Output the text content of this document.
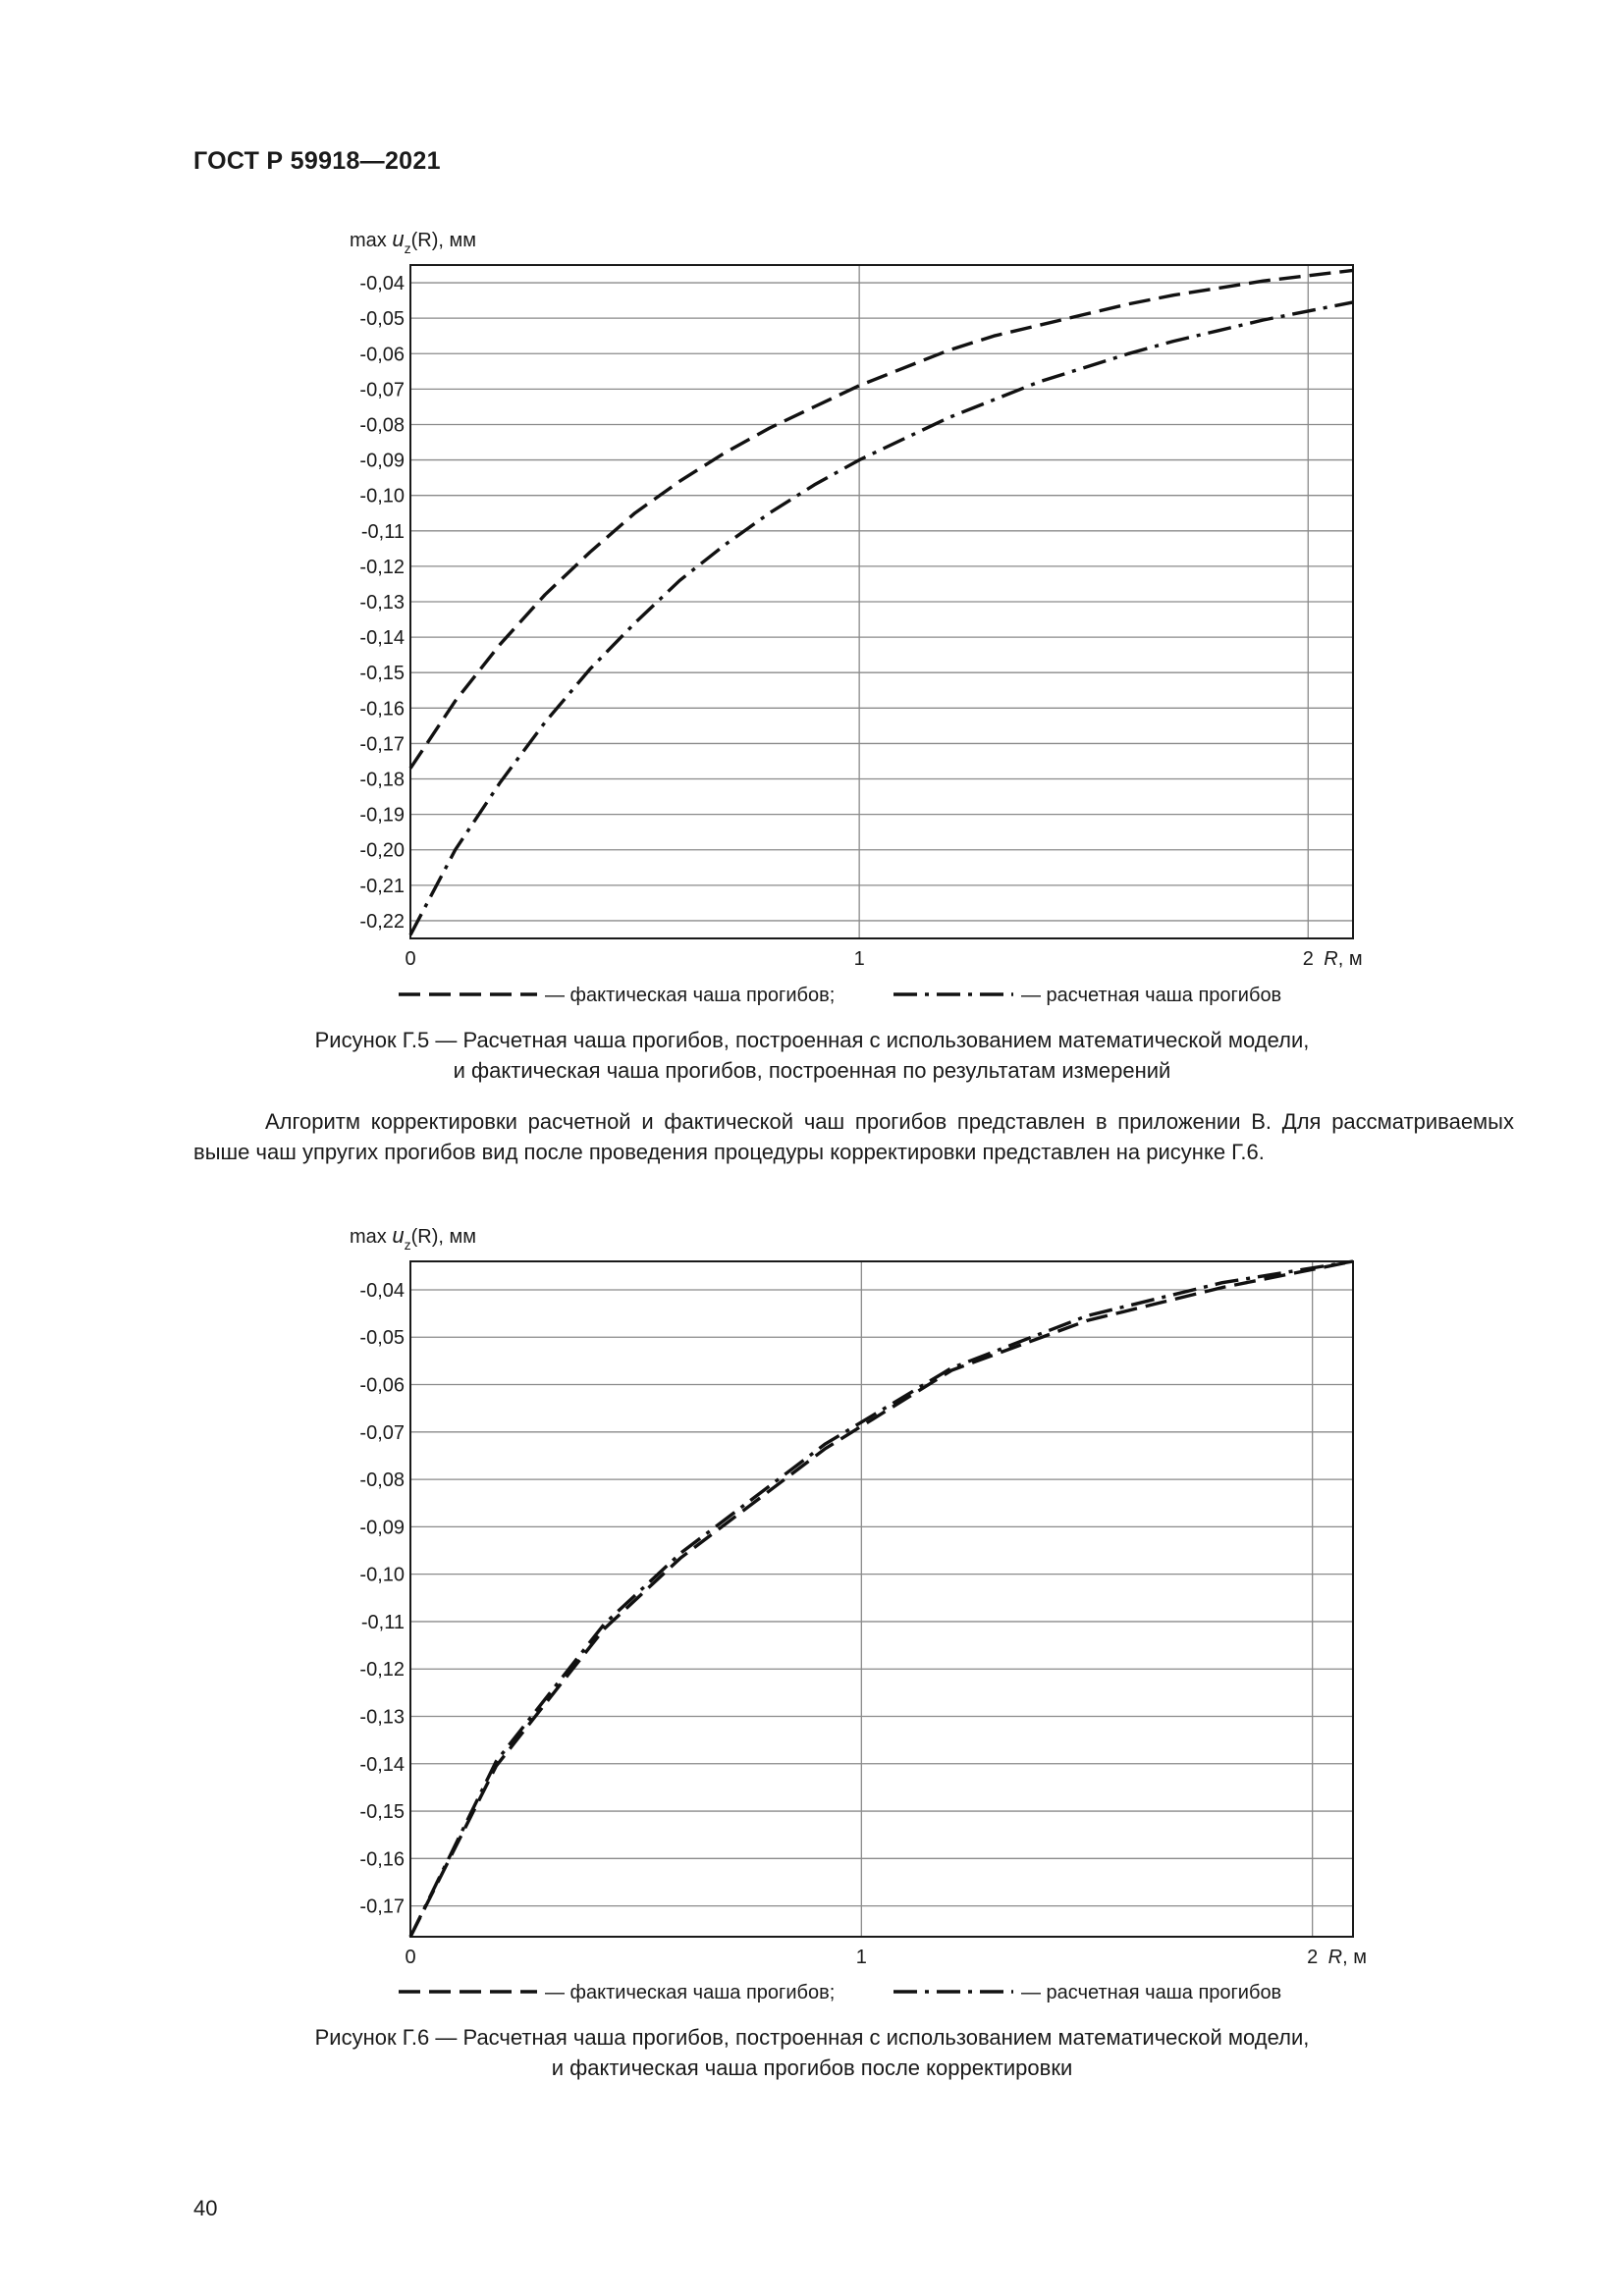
ГОСТ Р 59918—2021
-0,04
-0,05
-0,06
-0,07
-0,08
-0,09
-0,10
-0,11
-0,12
-0,13
-0,14
-0,15
-0,16
-0,17
-0,18
-0,19
-0,20
-0,21
-0,22
0	1	2 R, м
$\max u_z(R)$, мм
— фактическая чаша прогибов;	— расчетная чаша прогибов
Рисунок Г.5 — Расчетная чаша прогибов, построенная с использованием математической модели,
и фактическая чаша прогибов, построенная по результатам измерений
Алгоритм корректировки расчетной и фактической чаш прогибов представлен в приложении В. Для рассматриваемых выше чаш упругих прогибов вид после проведения процедуры корректировки представлен на рисунке Г.6.
-0,04
-0,05
-0,06
-0,07
-0,08
-0,09
-0,10
-0,11
-0,12
-0,13
-0,14
-0,15
-0,16
-0,17
0	1	2 R, м
$\max u_z(R)$, мм
— фактическая чаша прогибов;	— расчетная чаша прогибов
Рисунок Г.6 — Расчетная чаша прогибов, построенная с использованием математической модели,
и фактическая чаша прогибов после корректировки
40
